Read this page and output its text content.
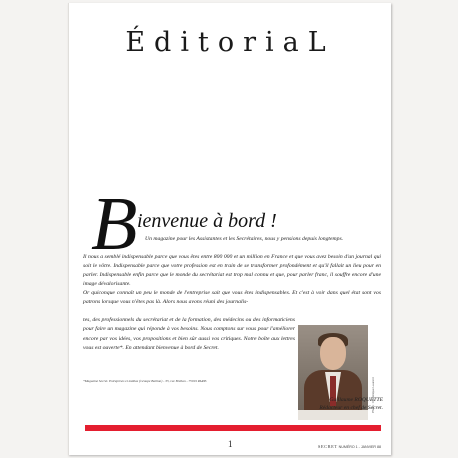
ÉditoriaL
B ienvenue à bord !
Un magazine pour les Assistantes et les Secrétaires, nous y pensions depuis longtemps.

Il nous a semblé indispensable parce que vous êtes entre 800 000 et un million en France et que vous avez besoin d'un journal qui soit le vôtre. Indispensable parce que votre profession est en train de se transformer profondément et qu'il fallait un lieu pour en parler. Indispensable enfin parce que le monde du secrétariat est trop mal connu et que, pour parler franc, il souffre encore d'une image dévalorisante.

Or quiconque connaît un peu le monde de l'entreprise sait que vous êtes indispensables. Et c'est à voir dans quel état sont vos patrons lorsque vous n'êtes pas là. Alors nous avons réuni des journalis-

tes, des professionnels du secrétariat et de la formation, des médecins ou des informaticiens pour faire un magazine qui réponde à vos besoins. Nous comptons sur vous pour l'améliorer encore par vos idées, vos propositions et bien sûr aussi vos critiques. Notre boîte aux lettres vous est ouverte*. En attendant bienvenue à bord de Secret.
*Magazine Secret. Entreprises et médias (Groupe Bailiun) - 33, rue Bréban - 75019 PARIS	Photo : Dominique Laurent
Guillaume ROQUETTE
Rédacteur en chef de Secret.
1	SECRET NUMÉRO 1 - JANVIER 88
